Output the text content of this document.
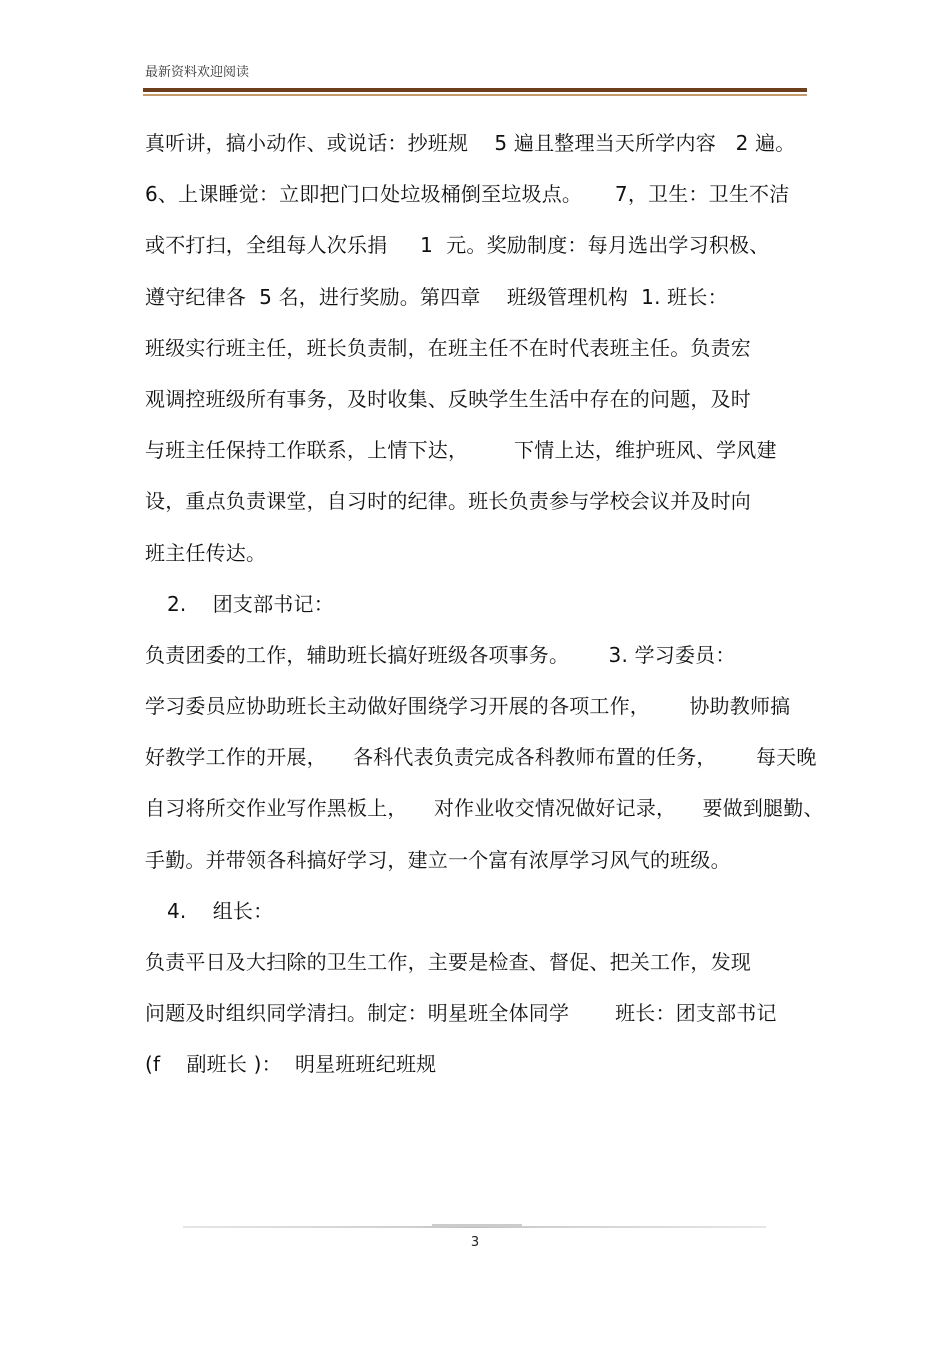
最新资料欢迎阅读
真听讲，搞小动作、或说话：抄班规    5 遍且整理当天所学内容   2 遍。
6、上课睡觉：立即把门口处垃圾桶倒至垃圾点。     7，卫生：卫生不洁
或不打扫，全组每人次乐捐     1  元。奖励制度：每月选出学习积极、
遵守纪律各  5 名，进行奖励。第四章    班级管理机构  1. 班长：
班级实行班主任，班长负责制，在班主任不在时代表班主任。负责宏
观调控班级所有事务，及时收集、反映学生生活中存在的问题，及时
与班主任保持工作联系，上情下达，       下情上达，维护班风、学风建
设，重点负责课堂，自习时的纪律。班长负责参与学校会议并及时向
班主任传达。
2.    团支部书记：
负责团委的工作，辅助班长搞好班级各项事务。      3. 学习委员：
学习委员应协助班长主动做好围绕学习开展的各项工作，      协助教师搞
好教学工作的开展，    各科代表负责完成各科教师布置的任务，      每天晚
自习将所交作业写作黑板上，    对作业收交情况做好记录，    要做到腿勤、
手勤。并带领各科搞好学习，建立一个富有浓厚学习风气的班级。
4.    组长：
负责平日及大扫除的卫生工作，主要是检查、督促、把关工作，发现
问题及时组织同学清扫。制定：明星班全体同学       班长：团支部书记
(f    副班长 )：  明星班班纪班规
3
